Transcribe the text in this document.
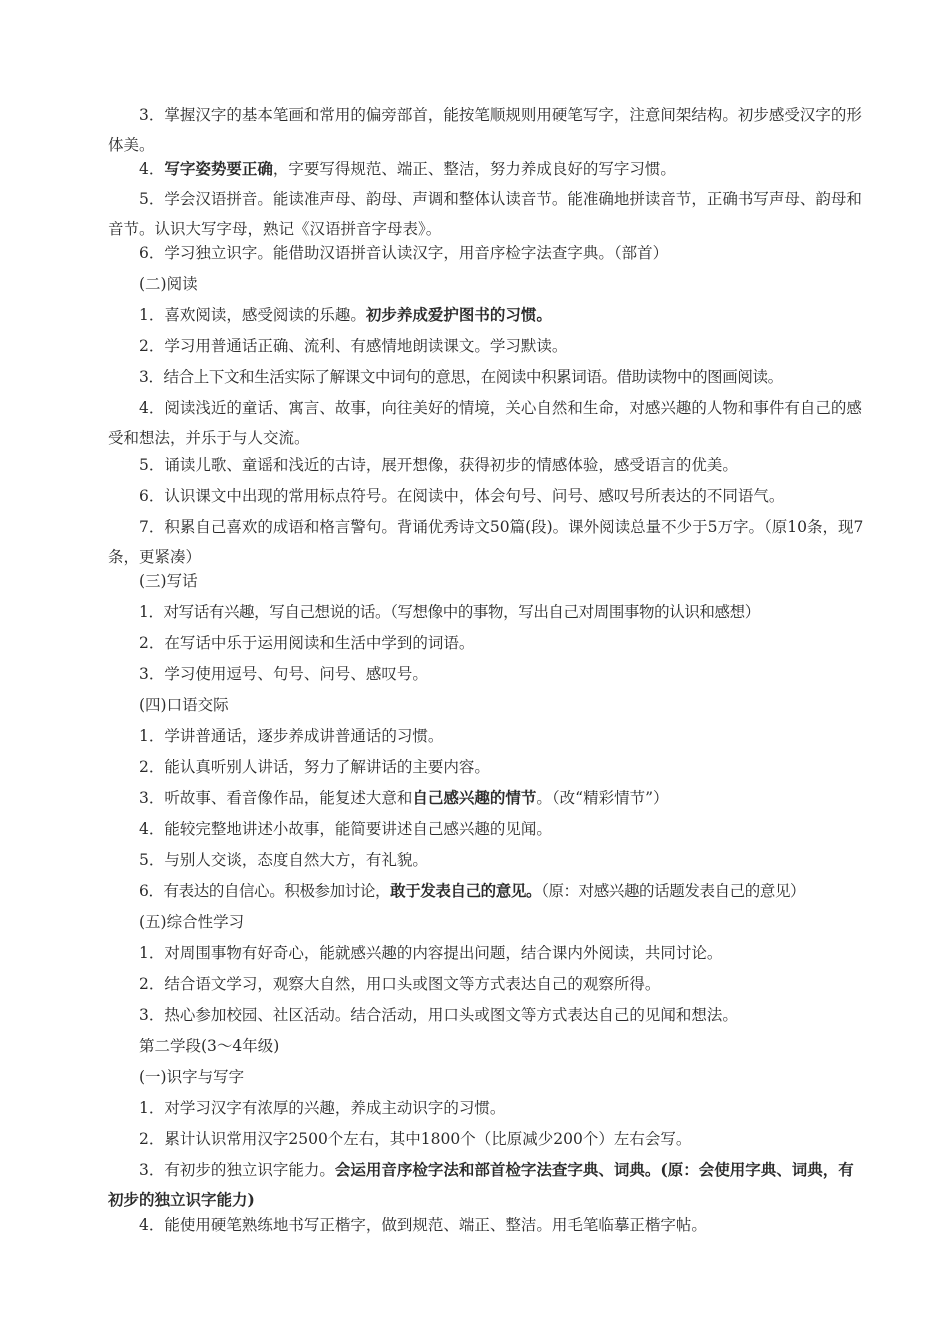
3．掌握汉字的基本笔画和常用的偏旁部首，能按笔顺规则用硬笔写字，注意间架结构。初步感受汉字的形体美。

4．写字姿势要正确，字要写得规范、端正、整洁，努力养成良好的写字习惯。

5．学会汉语拼音。能读准声母、韵母、声调和整体认读音节。能准确地拼读音节，正确书写声母、韵母和音节。认识大写字母，熟记《汉语拼音字母表》。

6．学习独立识字。能借助汉语拼音认读汉字，用音序检字法查字典。（部首）

(二)阅读

1．喜欢阅读，感受阅读的乐趣。初步养成爱护图书的习惯。

2．学习用普通话正确、流利、有感情地朗读课文。学习默读。

3．结合上下文和生活实际了解课文中词句的意思，在阅读中积累词语。借助读物中的图画阅读。

4．阅读浅近的童话、寓言、故事，向往美好的情境，关心自然和生命，对感兴趣的人物和事件有自己的感受和想法，并乐于与人交流。

5．诵读儿歌、童谣和浅近的古诗，展开想像，获得初步的情感体验，感受语言的优美。

6．认识课文中出现的常用标点符号。在阅读中，体会句号、问号、感叹号所表达的不同语气。

7．积累自己喜欢的成语和格言警句。背诵优秀诗文50篇(段)。课外阅读总量不少于5万字。（原10条，现7条，更紧凑）

(三)写话

1．对写话有兴趣，写自己想说的话。（写想像中的事物，写出自己对周围事物的认识和感想）

2．在写话中乐于运用阅读和生活中学到的词语。

3．学习使用逗号、句号、问号、感叹号。

(四)口语交际

1．学讲普通话，逐步养成讲普通话的习惯。

2．能认真听别人讲话，努力了解讲话的主要内容。

3．听故事、看音像作品，能复述大意和自己感兴趣的情节。（改“精彩情节”）

4．能较完整地讲述小故事，能简要讲述自己感兴趣的见闻。

5．与别人交谈，态度自然大方，有礼貌。

6．有表达的自信心。积极参加讨论，敢于发表自己的意见。（原：对感兴趣的话题发表自己的意见）

(五)综合性学习

1．对周围事物有好奇心，能就感兴趣的内容提出问题，结合课内外阅读，共同讨论。

2．结合语文学习，观察大自然，用口头或图文等方式表达自己的观察所得。

3．热心参加校园、社区活动。结合活动，用口头或图文等方式表达自己的见闻和想法。

第二学段(3～4年级)

(一)识字与写字

1．对学习汉字有浓厚的兴趣，养成主动识字的习惯。

2．累计认识常用汉字2500个左右，其中1800个（比原减少200个）左右会写。

3．有初步的独立识字能力。会运用音序检字法和部首检字法查字典、词典。(原：会使用字典、词典，有初步的独立识字能力)

4．能使用硬笔熟练地书写正楷字，做到规范、端正、整洁。用毛笔临摹正楷字帖。
